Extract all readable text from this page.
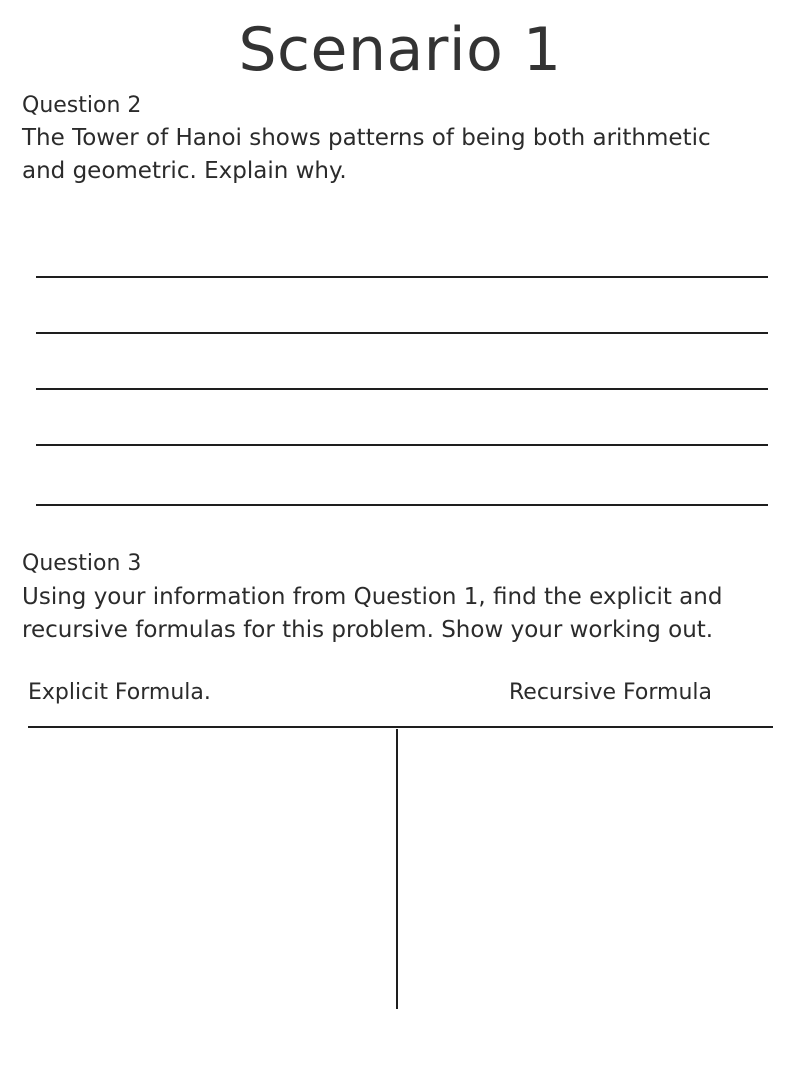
Scenario 1
Question 2
The Tower of Hanoi shows patterns of being both arithmetic
and geometric. Explain why.
Question 3
Using your information from Question 1, find the explicit and
recursive formulas for this problem. Show your working out.
Explicit Formula.	Recursive Formula
